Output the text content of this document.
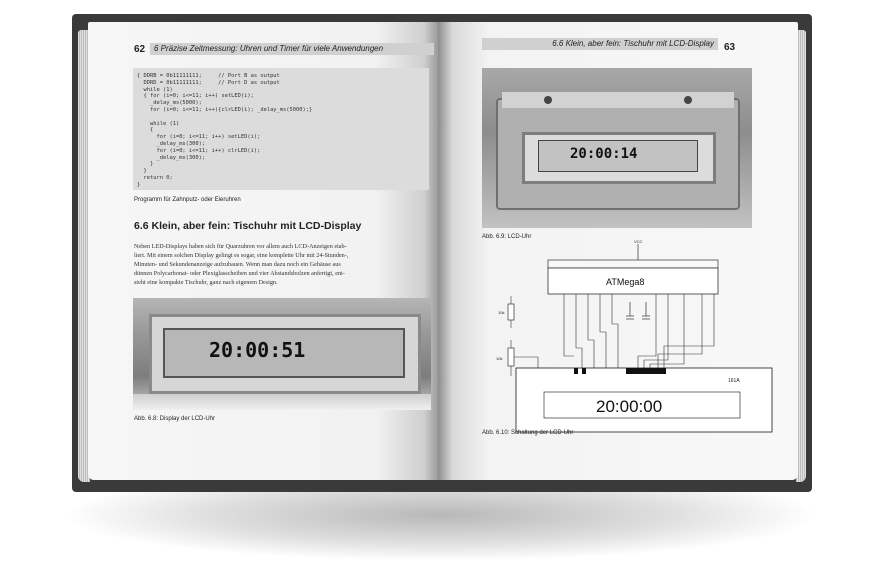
62	6 Präzise Zeitmessung: Uhren und Timer für viele Anwendungen
{ DDRB = 0b11111111;     // Port B as output
DDRD = 0b11111111;     // Port D as output
while (1)
{ for (i=0; i<=11; i++) setLED(i);
_delay_ms(5000);
for (i=0; i<=11; i++){clrLED(i); _delay_ms(5000);}
while (1)
{
for (i=0; i<=11; i++) setLED(i);
_delay_ms(300);
for (i=0; i<=11; i++) clrLED(i);
_delay_ms(300);
}
}
return 0;
}
Programm für Zahnputz- oder Eieruhren
6.6 Klein, aber fein: Tischuhr mit LCD-Display
Neben LED-Displays haben sich für Quarzuhren vor allem auch LCD-Anzeigen etab-
liert. Mit einem solchen Display gelingt es sogar, eine komplette Uhr mit 24-Stunden-,
Minuten- und Sekundenanzeige aufzubauen. Wenn man dazu noch ein Gehäuse aus
dünnen Polycarbonat- oder Plexiglasscheiben und vier Abstandsbolzen anfertigt, ent-
steht eine kompakte Tischuhr, ganz nach eigenem Design.
20:00:51
Abb. 6.8: Display der LCD-Uhr
6.6 Klein, aber fein: Tischuhr mit LCD-Display	63
20:00:14
Abb. 6.9: LCD-Uhr
ATMega8
VCC
10k
10k
161A
20:00:00
Abb. 6.10: Schaltung der LCD-Uhr
